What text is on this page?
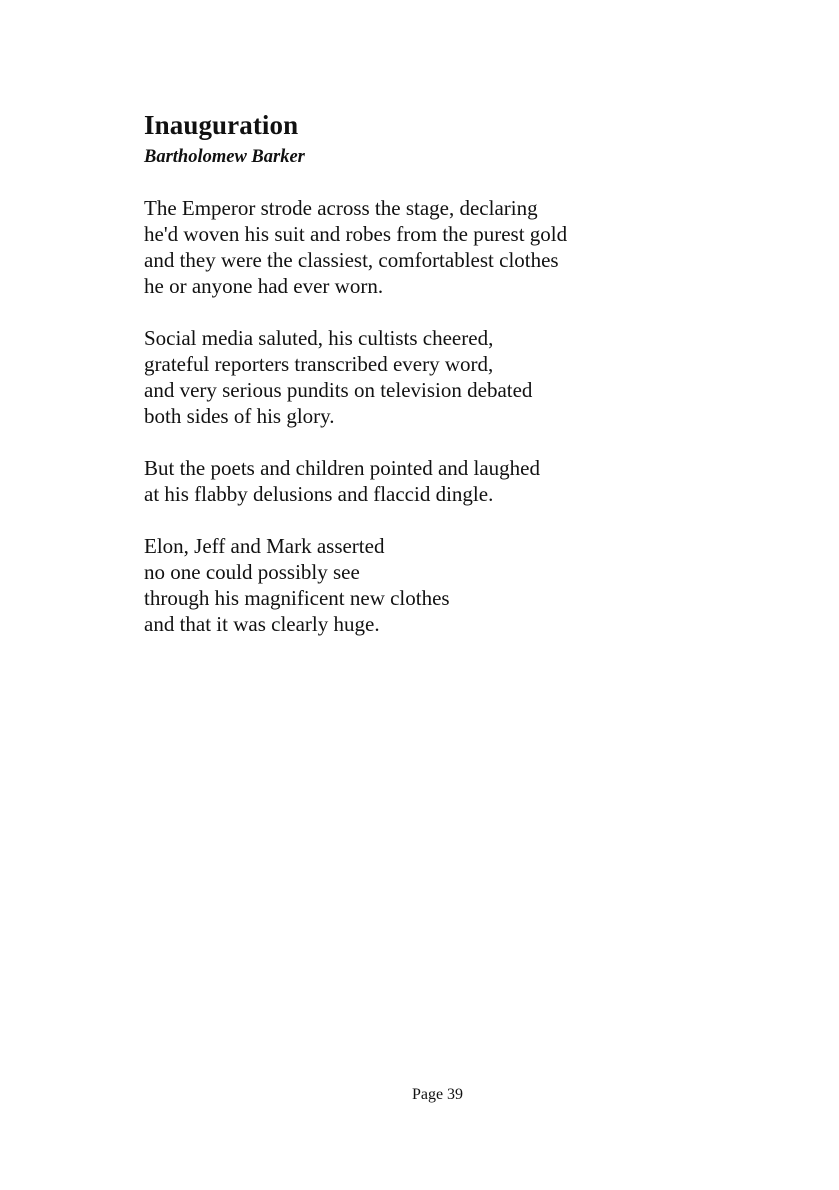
Inauguration

Bartholomew Barker

The Emperor strode across the stage, declaring
he'd woven his suit and robes from the purest gold
and they were the classiest, comfortablest clothes
he or anyone had ever worn.
Social media saluted, his cultists cheered,
grateful reporters transcribed every word,
and very serious pundits on television debated
both sides of his glory.
But the poets and children pointed and laughed
at his flabby delusions and flaccid dingle.
Elon, Jeff and Mark asserted
no one could possibly see
through his magnificent new clothes
and that it was clearly huge.
Page 39
